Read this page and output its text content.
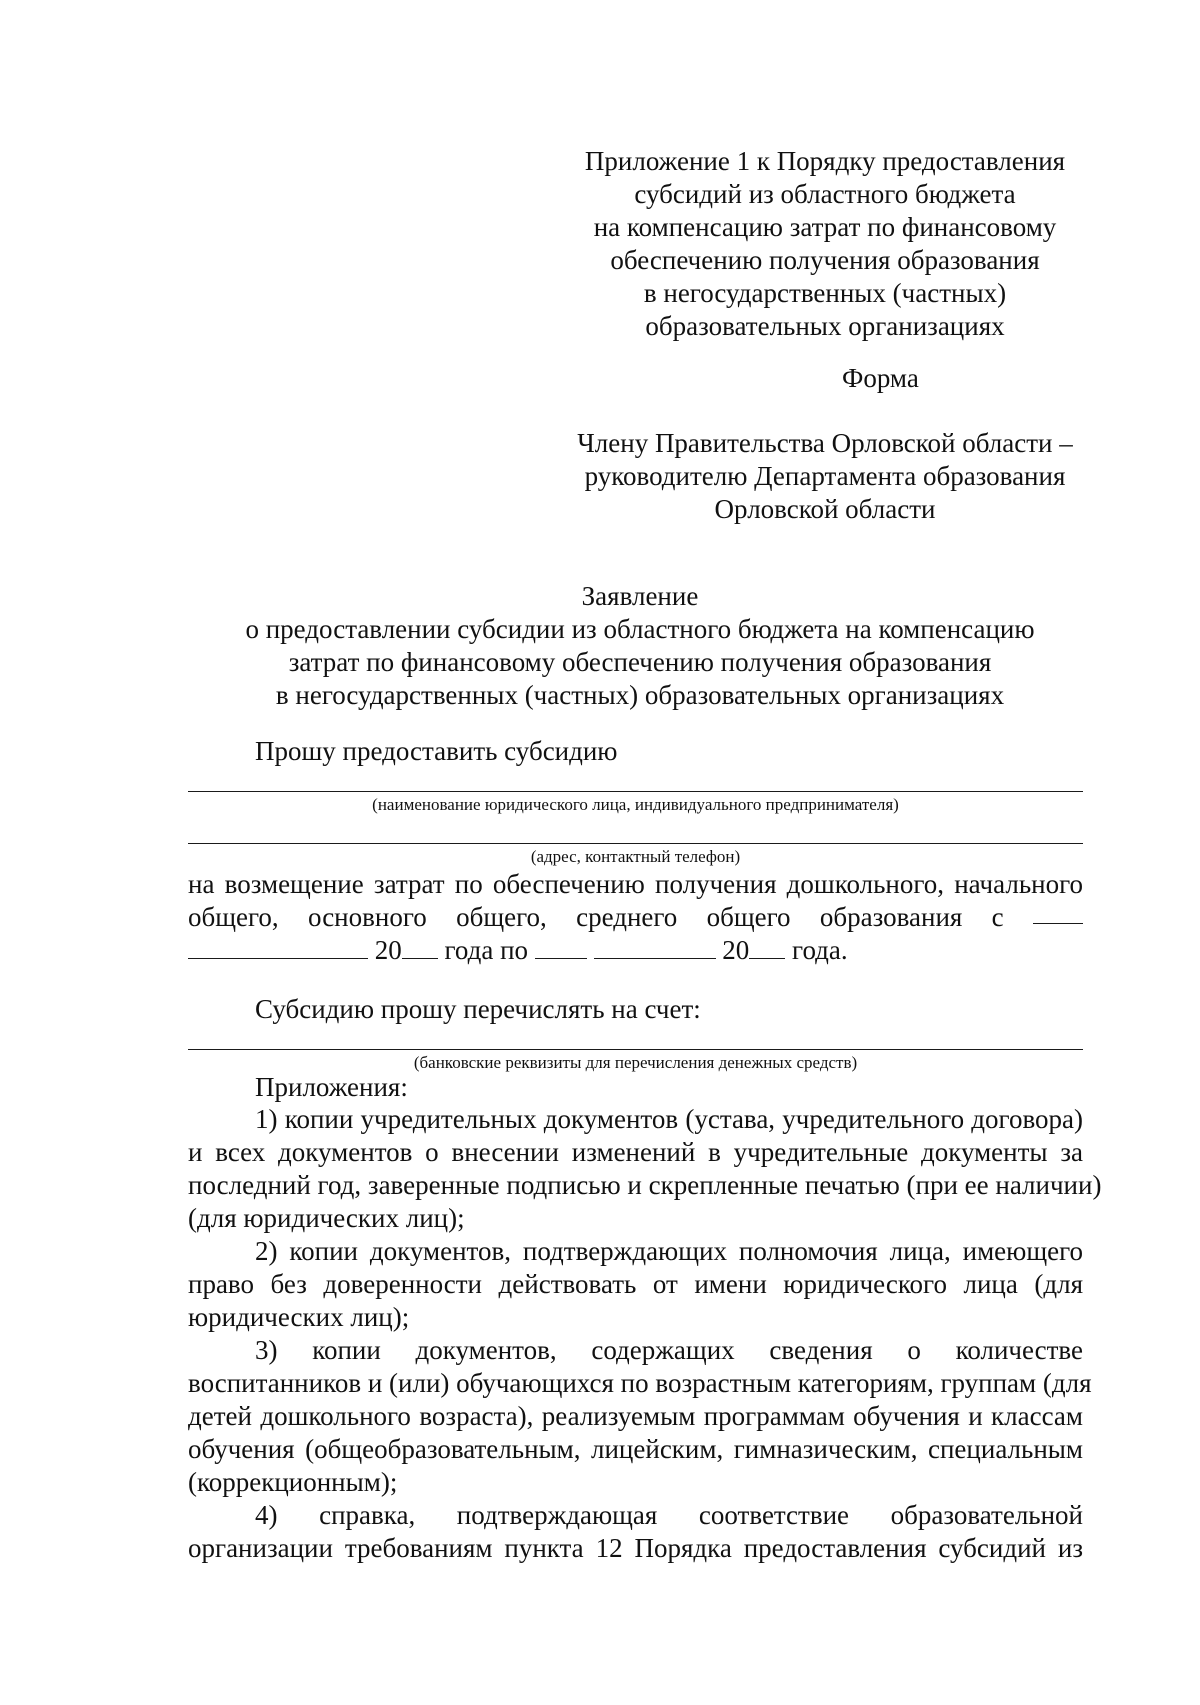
Приложение 1 к Порядку предоставления
субсидий из областного бюджета
на компенсацию затрат по финансовому
обеспечению получения образования
в негосударственных (частных)
образовательных организациях
Форма
Члену Правительства Орловской области –
руководителю Департамента образования
Орловской области
Заявление
о предоставлении субсидии из областного бюджета на компенсацию
затрат по финансовому обеспечению получения образования
в негосударственных (частных) образовательных организациях
Прошу предоставить субсидию
(наименование юридического лица, индивидуального предпринимателя)
(адрес, контактный телефон)
на возмещение затрат по обеспечению получения дошкольного, начального
общего, основного общего, среднего общего образования с
20 года по	20 года.
Субсидию прошу перечислять на счет:
(банковские реквизиты для перечисления денежных средств)
Приложения:
1) копии учредительных документов (устава, учредительного договора)
и всех документов о внесении изменений в учредительные документы за
последний год, заверенные подписью и скрепленные печатью (при ее наличии)
(для юридических лиц);
2) копии документов, подтверждающих полномочия лица, имеющего
право без доверенности действовать от имени юридического лица (для
юридических лиц);
3) копии документов, содержащих сведения о количестве
воспитанников и (или) обучающихся по возрастным категориям, группам (для
детей дошкольного возраста), реализуемым программам обучения и классам
обучения (общеобразовательным, лицейским, гимназическим, специальным
(коррекционным);
4) справка, подтверждающая соответствие образовательной
организации требованиям пункта 12 Порядка предоставления субсидий из
